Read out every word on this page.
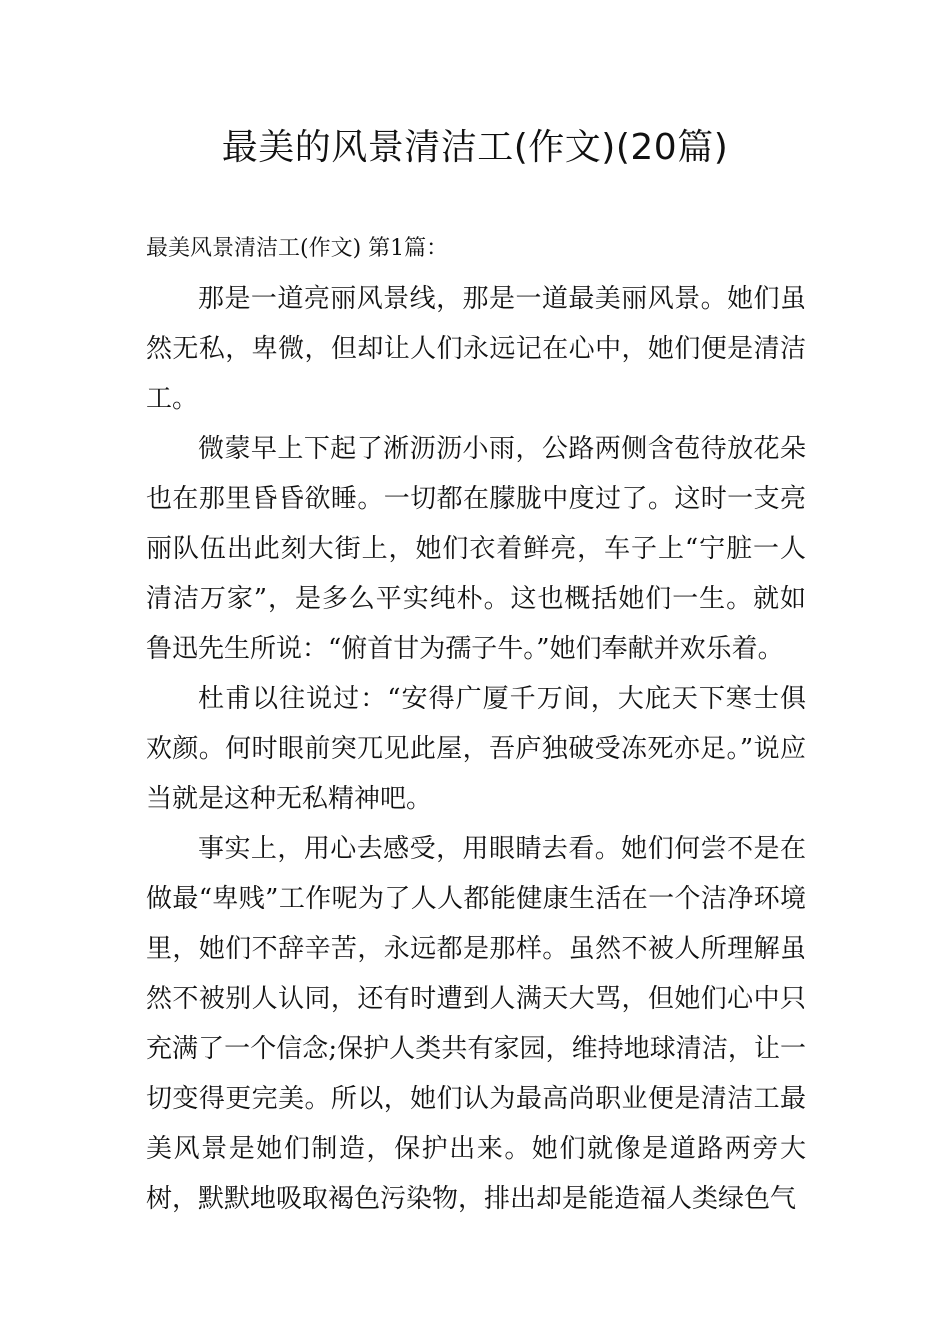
最美的风景清洁工(作文)(20篇)

最美风景清洁工(作文) 第1篇：

那是一道亮丽风景线，那是一道最美丽风景。她们虽然无私，卑微，但却让人们永远记在心中，她们便是清洁工。

微蒙早上下起了淅沥沥小雨，公路两侧含苞待放花朵也在那里昏昏欲睡。一切都在朦胧中度过了。这时一支亮丽队伍出此刻大街上，她们衣着鲜亮，车子上“宁脏一人清洁万家”，是多么平实纯朴。这也概括她们一生。就如鲁迅先生所说：“俯首甘为孺子牛。”她们奉献并欢乐着。

杜甫以往说过：“安得广厦千万间，大庇天下寒士俱欢颜。何时眼前突兀见此屋，吾庐独破受冻死亦足。”说应当就是这种无私精神吧。

事实上，用心去感受，用眼睛去看。她们何尝不是在做最“卑贱”工作呢为了人人都能健康生活在一个洁净环境里，她们不辞辛苦，永远都是那样。虽然不被人所理解虽然不被别人认同，还有时遭到人满天大骂，但她们心中只充满了一个信念;保护人类共有家园，维持地球清洁，让一切变得更完美。所以，她们认为最高尚职业便是清洁工最美风景是她们制造，保护出来。她们就像是道路两旁大树，默默地吸取褐色污染物，排出却是能造福人类绿色气
